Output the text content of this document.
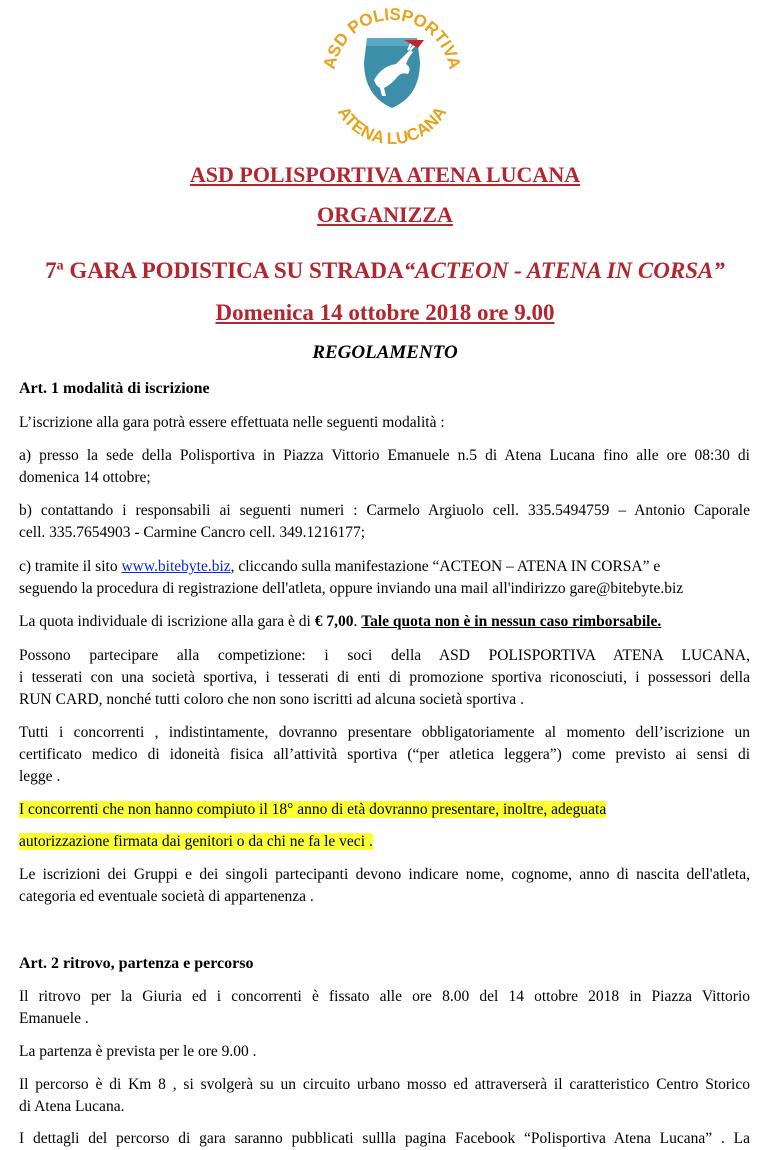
ASD POLISPORTIVA
ATENA LUCANA
ASD POLISPORTIVA ATENA LUCANA
ORGANIZZA
7$^a$ GARA PODISTICA SU STRADA“ACTEON - ATENA IN CORSA”
Domenica 14 ottobre 2018 ore 9.00
REGOLAMENTO
Art. 1 modalità di iscrizione
L’iscrizione alla gara potrà essere effettuata nelle seguenti modalità :
a) presso la sede della Polisportiva in Piazza Vittorio Emanuele n.5 di Atena Lucana fino alle ore 08:30 di
domenica 14 ottobre;
b) contattando i responsabili ai seguenti numeri : Carmelo Argiuolo cell. 335.5494759 – Antonio Caporale
cell. 335.7654903 - Carmine Cancro cell. 349.1216177;
c) tramite il sito www.bitebyte.biz, cliccando sulla manifestazione “ACTEON – ATENA IN CORSA” e
seguendo la procedura di registrazione dell'atleta, oppure inviando una mail all'indirizzo gare@bitebyte.biz
La quota individuale di iscrizione alla gara è di € 7,00. Tale quota non è in nessun caso rimborsabile.
Possono partecipare alla competizione: i soci della ASD POLISPORTIVA ATENA LUCANA,
i tesserati con una società sportiva, i tesserati di enti di promozione sportiva riconosciuti, i possessori della
RUN CARD, nonché tutti coloro che non sono iscritti ad alcuna società sportiva .
Tutti i concorrenti , indistintamente, dovranno presentare obbligatoriamente al momento dell’iscrizione un
certificato medico di idoneità fisica all’attività sportiva (“per atletica leggera”) come previsto ai sensi di
legge .
I concorrenti che non hanno compiuto il 18° anno di età dovranno presentare, inoltre, adeguata
autorizzazione firmata dai genitori o da chi ne fa le veci .
Le iscrizioni dei Gruppi e dei singoli partecipanti devono indicare nome, cognome, anno di nascita dell'atleta,
categoria ed eventuale società di appartenenza .
Art. 2 ritrovo, partenza e percorso
Il ritrovo per la Giuria ed i concorrenti è fissato alle ore 8.00 del 14 ottobre 2018 in Piazza Vittorio
Emanuele .
La partenza è prevista per le ore 9.00 .
Il percorso è di Km 8 , si svolgerà su un circuito urbano mosso ed attraverserà il caratteristico Centro Storico
di Atena Lucana.
I dettagli del percorso di gara saranno pubblicati sullla pagina Facebook “Polisportiva Atena Lucana” . La
